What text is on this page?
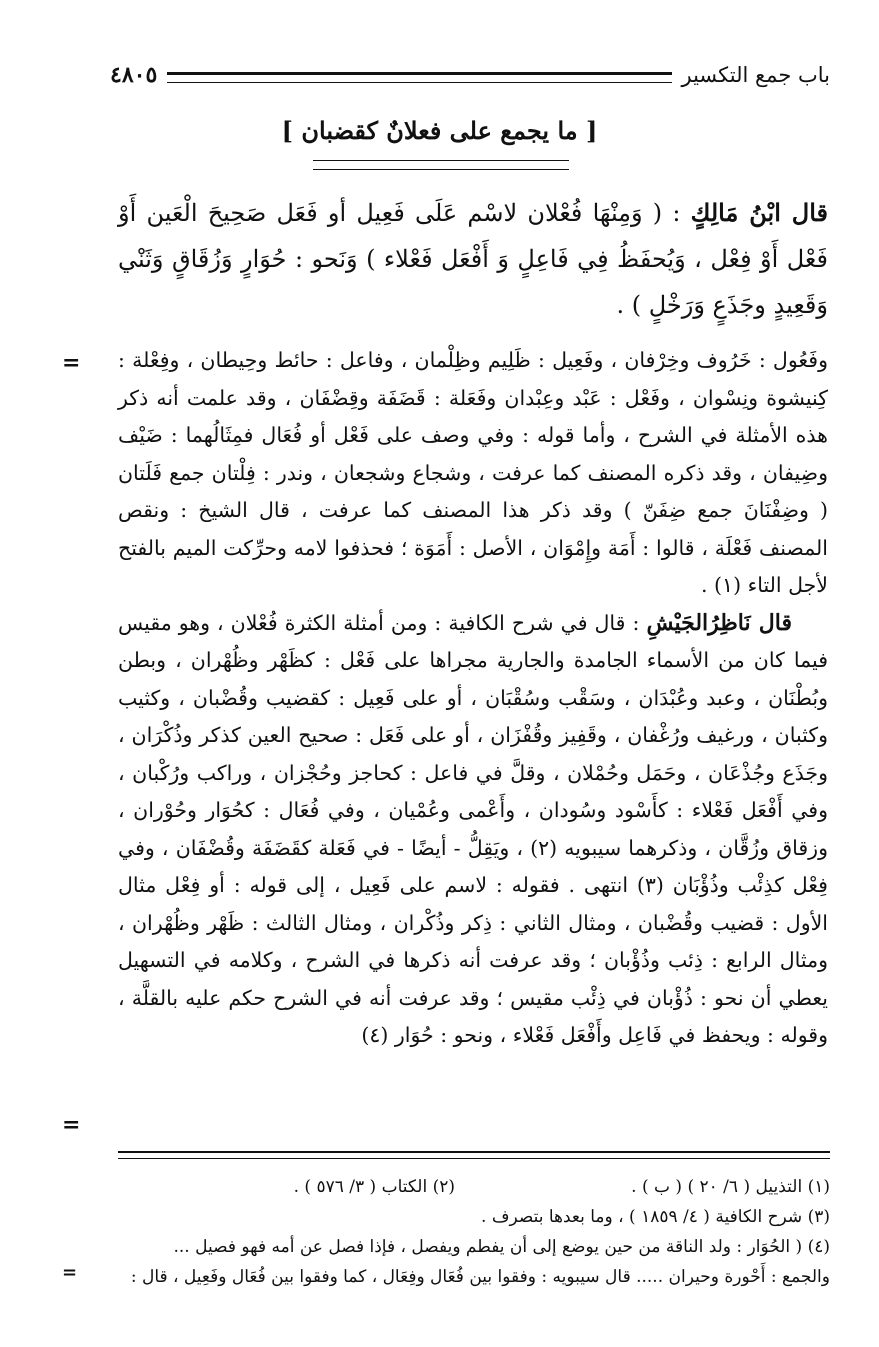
باب جمع التكسير
٤٨٠٥
[ ما يجمع على فعلانٌ كقضبان ]
قال ابْنُ مَالِكٍ : ( وَمِنْهَا فُعْلان لاسْم عَلَى فَعِيل أو فَعَل صَحِيحَ الْعَين أَوْ فَعْل أَوْ فِعْل ، وَيُحفَظُ فِي فَاعِلٍ وَ أَفْعَل فَعْلاء ) وَنَحو : حُوَارٍ وَزُقَاقٍ وَثَنْي وَقَعِيدٍ وجَذَعٍ وَرَخْلٍ ) .
= وفَعُول : خَرُوف وخِرْفان ، وفَعِيل : ظَلِيم وظِلْمان ، وفاعل : حائط وحِيطان ، وفِعْلة : كِنيشوة ونِسْوان ، وفَعْل : عَبْد وعِبْدان وفَعَلة : قَضَفَة وقِضْفَان ، وقد علمت أنه ذكر هذه الأمثلة في الشرح ، وأما قوله : وفي وصف على فَعْل أو فُعَال فمِثَالُهما : ضَيْف وضِيفان ، وقد ذكره المصنف كما عرفت ، وشجاع وشجعان ، وندر : فِلْتان جمع فَلَتان ( وضِفْنَانَ جمع ضِفَنّ ) وقد ذكر هذا المصنف كما عرفت ، قال الشيخ : ونقص المصنف فَعْلَة ، قالوا : أَمَة وإِمْوَان ، الأصل : أَمَوَة ؛ فحذفوا لامه وحرِّكت الميم بالفتح لأجل التاء (١) .

قال نَاظِرُالجَيْشِ : قال في شرح الكافية : ومن أمثلة الكثرة فُعْلان ، وهو مقيس فيما كان من الأسماء الجامدة والجارية مجراها على فَعْل : كظَهْر وظُهْران ، وبطن وبُطْنَان ، وعبد وعُبْدَان ، وسَقْب وسُقْبَان ، أو على فَعِيل : كقضيب وقُضْبان ، وكثيب وكثبان ، ورغيف ورُغْفان ، وقَفِيز وقُفْزَان ، أو على فَعَل : صحيح العين كذكر وذُكْرَان ، وجَذَع وجُذْعَان ، وحَمَل وحُمْلان ، وقلَّ في فاعل : كحاجز وحُجْزان ، وراكب ورُكْبان ، وفي أَفْعَل فَعْلاء : كأَسْود وسُودان ، وأَعْمى وعُمْيان ، وفي فُعَال : كحُوَار وحُوْران ، وزقاق وزُقَّان ، وذكرهما سيبويه (٢) ، ويَقِلُّ - أيضًا - في فَعَلة كقَضَفَة وقُضْفَان ، وفي فِعْل كذِئْب وذُؤْبَان (٣) انتهى . فقوله : لاسم على فَعِيل ، إلى قوله : أو فِعْل مثال الأول : قضيب وقُضْبان ، ومثال الثاني : ذِكر وذُكْران ، ومثال الثالث : ظَهْر وظُهْران ، ومثال الرابع : ذِئب وذُؤْبان ؛ وقد عرفت أنه ذكرها في الشرح ، وكلامه في التسهيل يعطي أن نحو : ذُؤْبان في ذِئْب مقيس ؛ وقد عرفت أنه في الشرح حكم عليه بالقلَّة ، وقوله : ويحفظ في فَاعِل وأَفْعَل فَعْلاء ، ونحو : حُوَار (٤)

=
(١) التذييل ( ٦/ ٢٠ ) ( ب ) .
(٢) الكتاب ( ٣/ ٥٧٦ ) .
(٣) شرح الكافية ( ٤/ ١٨٥٩ ) ، وما بعدها بتصرف .
(٤) ( الحُوَار : ولد الناقة من حين يوضع إلى أن يفطم ويفصل ، فإذا فصل عن أمه فهو فصيل ...
والجمع : أَحْورة وحيران ..... قال سيبويه : وفقوا بين فُعَال وفِعَال ، كما وفقوا بين فُعَال وفَعِيل ، قال :
=
